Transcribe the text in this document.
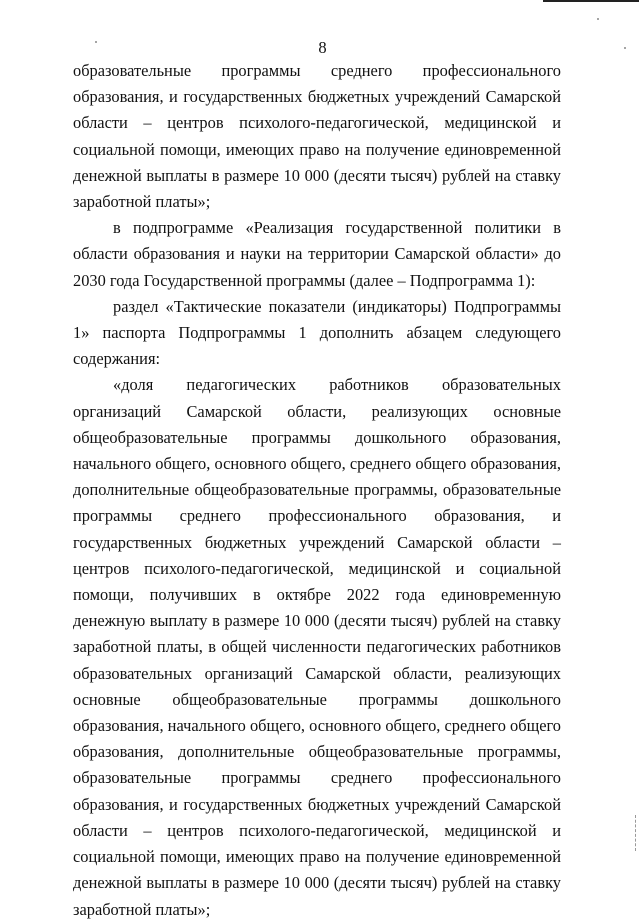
8

образовательные программы среднего профессионального образования, и государственных бюджетных учреждений Самарской области – центров психолого-педагогической, медицинской и социальной помощи, имеющих право на получение единовременной денежной выплаты в размере 10 000 (десяти тысяч) рублей на ставку заработной платы»;

в подпрограмме «Реализация государственной политики в области образования и науки на территории Самарской области» до 2030 года Государственной программы (далее – Подпрограмма 1):

раздел «Тактические показатели (индикаторы) Подпрограммы 1» паспорта Подпрограммы 1 дополнить абзацем следующего содержания:

«доля педагогических работников образовательных организаций Самарской области, реализующих основные общеобразовательные программы дошкольного образования, начального общего, основного общего, среднего общего образования, дополнительные общеобразовательные программы, образовательные программы среднего профессионального образования, и государственных бюджетных учреждений Самарской области – центров психолого-педагогической, медицинской и социальной помощи, получивших в октябре 2022 года единовременную денежную выплату в размере 10 000 (десяти тысяч) рублей на ставку заработной платы, в общей численности педагогических работников образовательных организаций Самарской области, реализующих основные общеобразовательные программы дошкольного образования, начального общего, основного общего, среднего общего образования, дополнительные общеобразовательные программы, образовательные программы среднего профессионального образования, и государственных бюджетных учреждений Самарской области – центров психолого-педагогической, медицинской и социальной помощи, имеющих право на получение единовременной денежной выплаты в размере 10 000 (десяти тысяч) рублей на ставку заработной платы»;
